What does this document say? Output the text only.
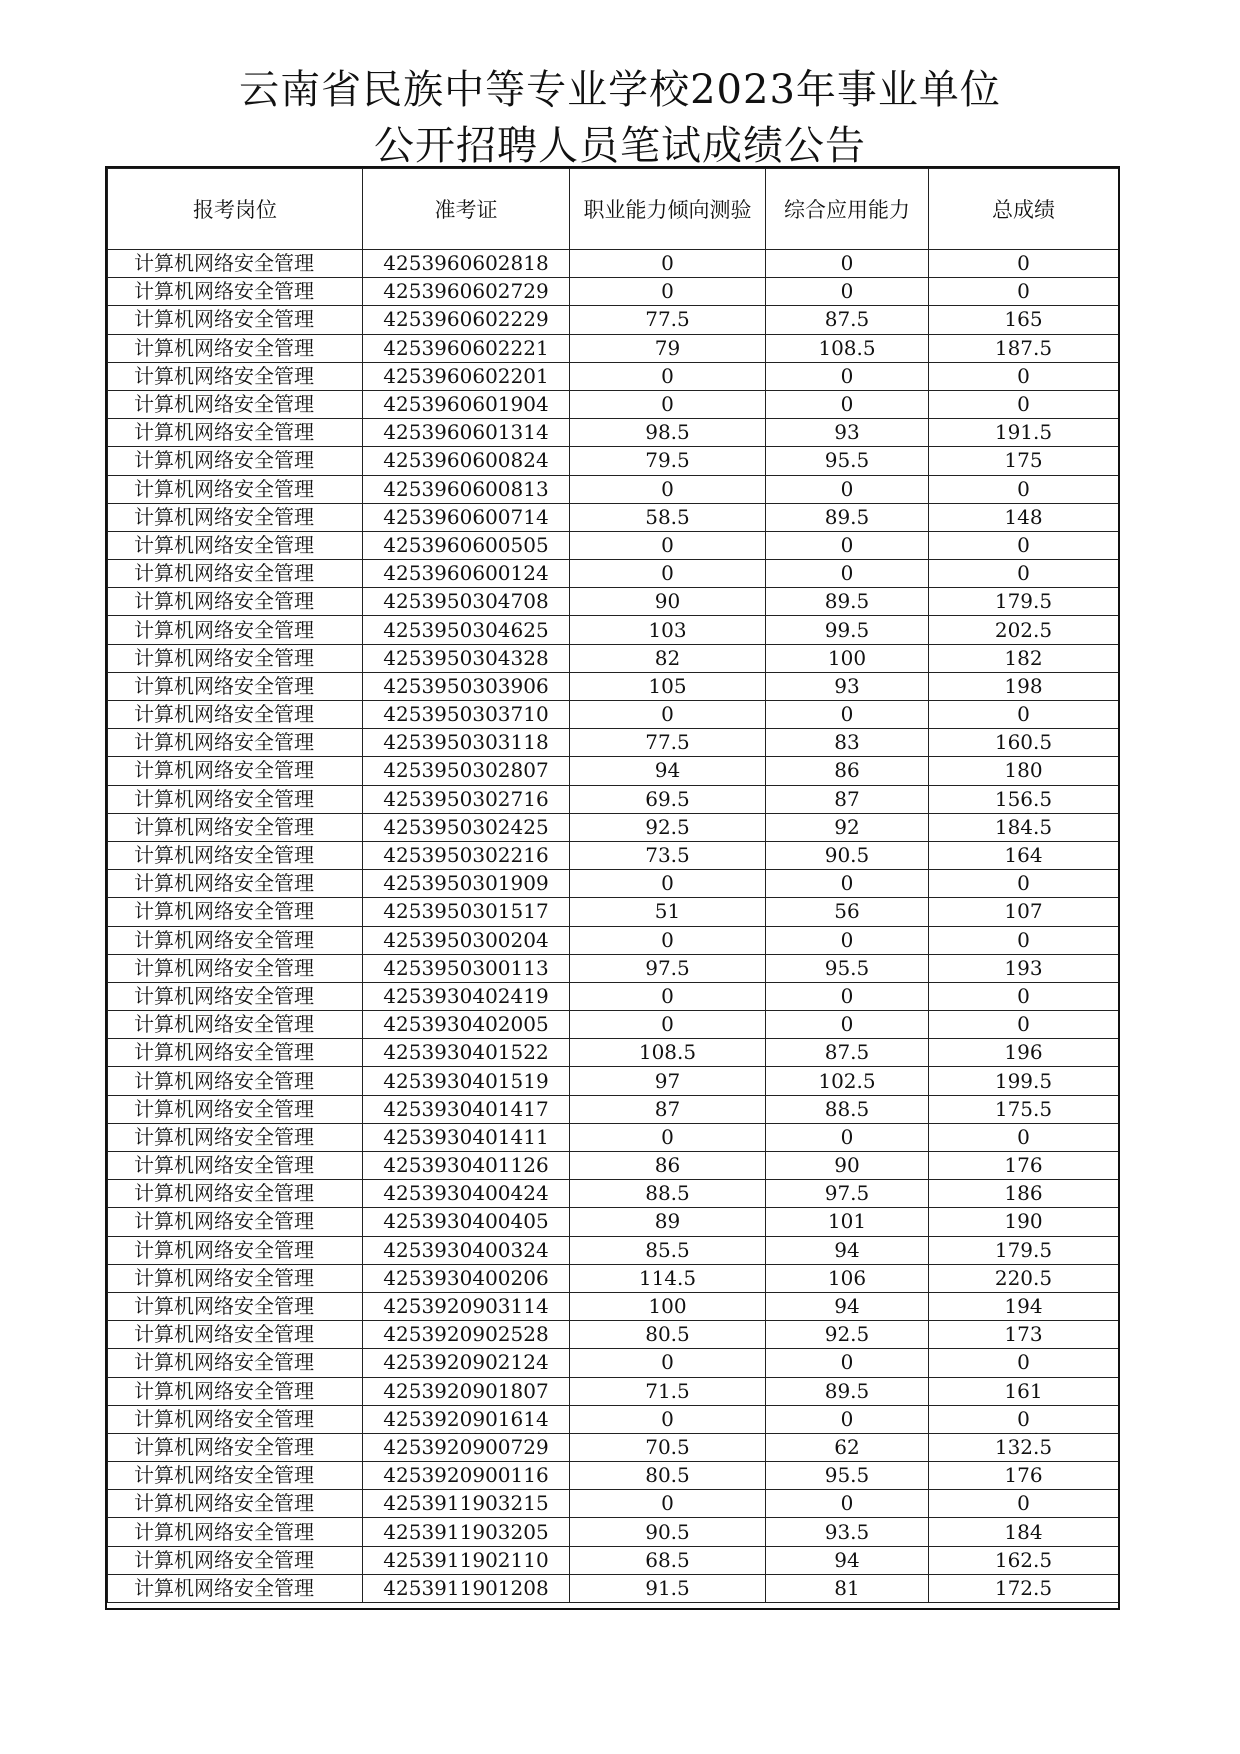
云南省民族中等专业学校2023年事业单位
公开招聘人员笔试成绩公告
报考岗位	准考证	职业能力倾向测验	综合应用能力	总成绩
计算机网络安全管理	4253960602818	0	0	0
计算机网络安全管理	4253960602729	0	0	0
计算机网络安全管理	4253960602229	77.5	87.5	165
计算机网络安全管理	4253960602221	79	108.5	187.5
计算机网络安全管理	4253960602201	0	0	0
计算机网络安全管理	4253960601904	0	0	0
计算机网络安全管理	4253960601314	98.5	93	191.5
计算机网络安全管理	4253960600824	79.5	95.5	175
计算机网络安全管理	4253960600813	0	0	0
计算机网络安全管理	4253960600714	58.5	89.5	148
计算机网络安全管理	4253960600505	0	0	0
计算机网络安全管理	4253960600124	0	0	0
计算机网络安全管理	4253950304708	90	89.5	179.5
计算机网络安全管理	4253950304625	103	99.5	202.5
计算机网络安全管理	4253950304328	82	100	182
计算机网络安全管理	4253950303906	105	93	198
计算机网络安全管理	4253950303710	0	0	0
计算机网络安全管理	4253950303118	77.5	83	160.5
计算机网络安全管理	4253950302807	94	86	180
计算机网络安全管理	4253950302716	69.5	87	156.5
计算机网络安全管理	4253950302425	92.5	92	184.5
计算机网络安全管理	4253950302216	73.5	90.5	164
计算机网络安全管理	4253950301909	0	0	0
计算机网络安全管理	4253950301517	51	56	107
计算机网络安全管理	4253950300204	0	0	0
计算机网络安全管理	4253950300113	97.5	95.5	193
计算机网络安全管理	4253930402419	0	0	0
计算机网络安全管理	4253930402005	0	0	0
计算机网络安全管理	4253930401522	108.5	87.5	196
计算机网络安全管理	4253930401519	97	102.5	199.5
计算机网络安全管理	4253930401417	87	88.5	175.5
计算机网络安全管理	4253930401411	0	0	0
计算机网络安全管理	4253930401126	86	90	176
计算机网络安全管理	4253930400424	88.5	97.5	186
计算机网络安全管理	4253930400405	89	101	190
计算机网络安全管理	4253930400324	85.5	94	179.5
计算机网络安全管理	4253930400206	114.5	106	220.5
计算机网络安全管理	4253920903114	100	94	194
计算机网络安全管理	4253920902528	80.5	92.5	173
计算机网络安全管理	4253920902124	0	0	0
计算机网络安全管理	4253920901807	71.5	89.5	161
计算机网络安全管理	4253920901614	0	0	0
计算机网络安全管理	4253920900729	70.5	62	132.5
计算机网络安全管理	4253920900116	80.5	95.5	176
计算机网络安全管理	4253911903215	0	0	0
计算机网络安全管理	4253911903205	90.5	93.5	184
计算机网络安全管理	4253911902110	68.5	94	162.5
计算机网络安全管理	4253911901208	91.5	81	172.5
